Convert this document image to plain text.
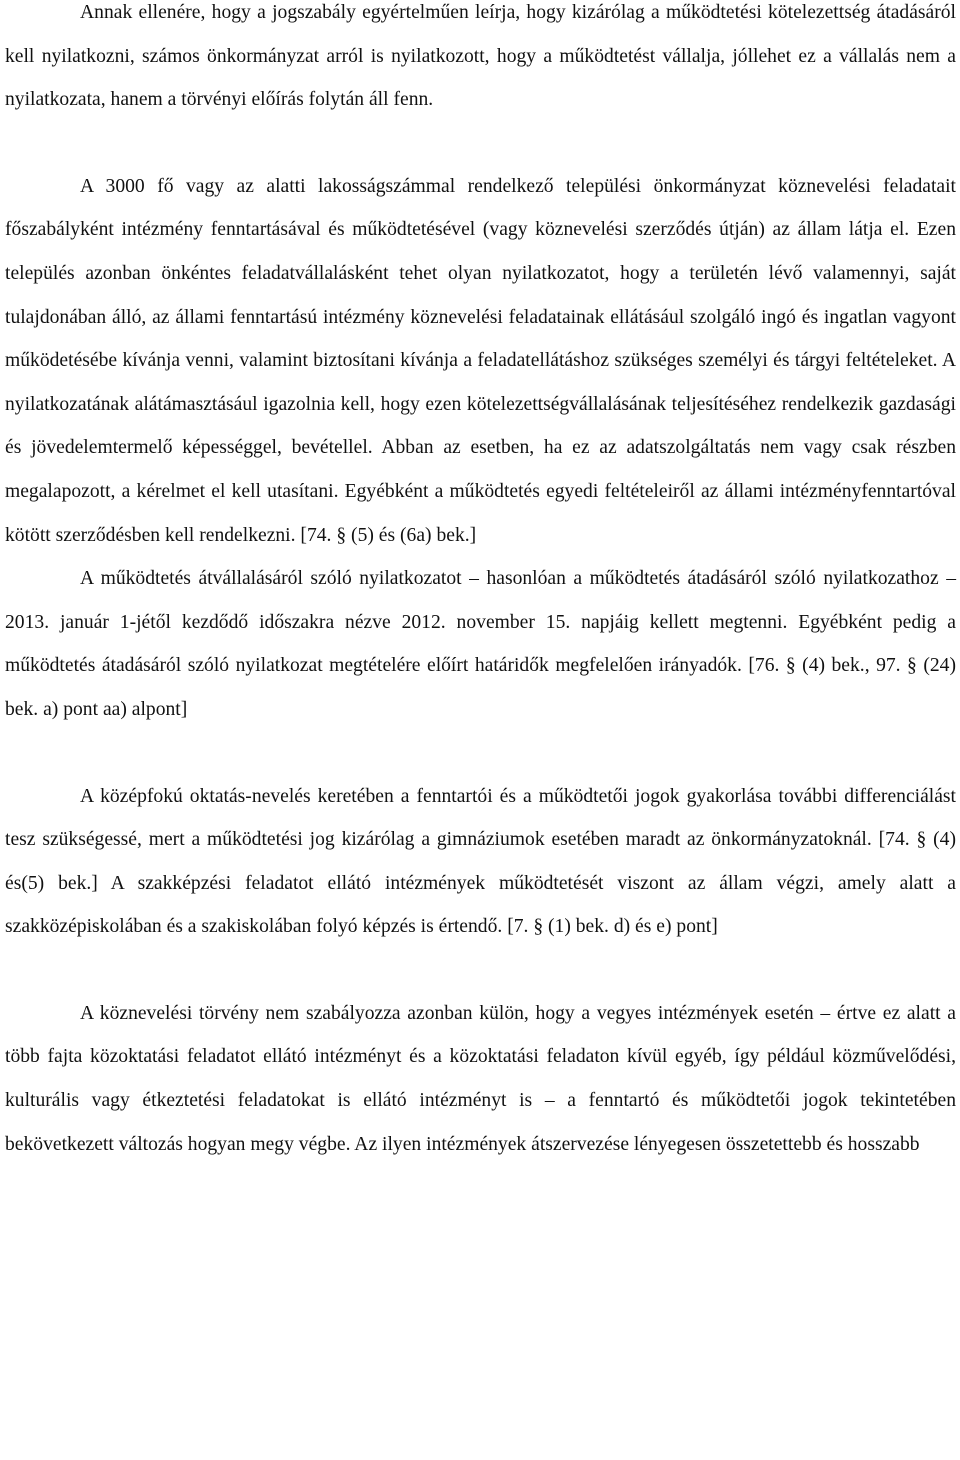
Annak ellenére, hogy a jogszabály egyértelműen leírja, hogy kizárólag a működtetési kötelezettség átadásáról kell nyilatkozni, számos önkormányzat arról is nyilatkozott, hogy a működtetést vállalja, jóllehet ez a vállalás nem a nyilatkozata, hanem a törvényi előírás folytán áll fenn.

A 3000 fő vagy az alatti lakosságszámmal rendelkező települési önkormányzat köznevelési feladatait főszabályként intézmény fenntartásával és működtetésével (vagy köznevelési szerződés útján) az állam látja el. Ezen település azonban önkéntes feladatvállalásként tehet olyan nyilatkozatot, hogy a területén lévő valamennyi, saját tulajdonában álló, az állami fenntartású intézmény köznevelési feladatainak ellátásául szolgáló ingó és ingatlan vagyont működetésébe kívánja venni, valamint biztosítani kívánja a feladatellátáshoz szükséges személyi és tárgyi feltételeket. A nyilatkozatának alátámasztásául igazolnia kell, hogy ezen kötelezettségvállalásának teljesítéséhez rendelkezik gazdasági és jövedelemtermelő képességgel, bevétellel. Abban az esetben, ha ez az adatszolgáltatás nem vagy csak részben megalapozott, a kérelmet el kell utasítani. Egyébként a működtetés egyedi feltételeiről az állami intézményfenntartóval kötött szerződésben kell rendelkezni. [74. § (5) és (6a) bek.]

A működtetés átvállalásáról szóló nyilatkozatot – hasonlóan a működtetés átadásáról szóló nyilatkozathoz – 2013. január 1-jétől kezdődő időszakra nézve 2012. november 15. napjáig kellett megtenni. Egyébként pedig a működtetés átadásáról szóló nyilatkozat megtételére előírt határidők megfelelően irányadók. [76. § (4) bek., 97. § (24) bek. a) pont aa) alpont]

A középfokú oktatás-nevelés keretében a fenntartói és a működtetői jogok gyakorlása további differenciálást tesz szükségessé, mert a működtetési jog kizárólag a gimnáziumok esetében maradt az önkormányzatoknál. [74. § (4) és(5) bek.] A szakképzési feladatot ellátó intézmények működtetését viszont az állam végzi, amely alatt a szakközépiskolában és a szakiskolában folyó képzés is értendő. [7. § (1) bek. d) és e) pont]

A köznevelési törvény nem szabályozza azonban külön, hogy a vegyes intézmények esetén – értve ez alatt a több fajta közoktatási feladatot ellátó intézményt és a közoktatási feladaton kívül egyéb, így például közművelődési, kulturális vagy étkeztetési feladatokat is ellátó intézményt is – a fenntartó és működtetői jogok tekintetében bekövetkezett változás hogyan megy végbe. Az ilyen intézmények átszervezése lényegesen összetettebb és hosszabb
